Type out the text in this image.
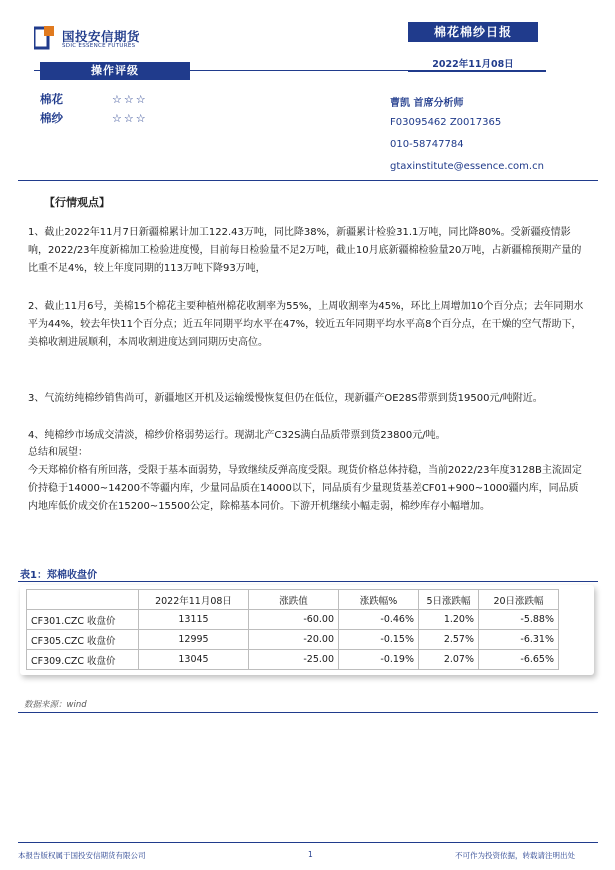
国投安信期货
SDIC ESSENCE FUTURES
棉花棉纱日报
2022年11月08日
操作评级
棉花	☆☆☆
棉纱	☆☆☆
曹凯 首席分析师
F03095462 Z0017365
010-58747784
gtaxinstitute@essence.com.cn
【行情观点】
1、截止2022年11月7日新疆棉累计加工122.43万吨，同比降38%，新疆累计检验31.1万吨，同比降80%。受新疆疫情影响，2022/23年度新棉加工检验进度慢，目前每日检验量不足2万吨，截止10月底新疆棉检验量20万吨，占新疆棉预期产量的比重不足4%，较上年度同期的113万吨下降93万吨，
2、截止11月6号，美棉15个棉花主要种植州棉花收割率为55%，上周收割率为45%，环比上周增加10个百分点；去年同期水平为44%，较去年快11个百分点；近五年同期平均水平在47%，较近五年同期平均水平高8个百分点，在干燥的空气帮助下，美棉收割进展顺利，本周收割进度达到同期历史高位。
3、气流纺纯棉纱销售尚可，新疆地区开机及运输缓慢恢复但仍在低位，现新疆产OE28S带票到货19500元/吨附近。
4、纯棉纱市场成交清淡，棉纱价格弱势运行。现湖北产C32S满白品质带票到货23800元/吨。
总结和展望：
今天郑棉价格有所回落，受限于基本面弱势，导致继续反弹高度受限。现货价格总体持稳，当前2022/23年度3128B主流固定价持稳于14000~14200不等疆内库，少量同品质在14000以下，同品质有少量现货基差CF01+900~1000疆内库，同品质内地库低价成交价在15200~15500公定，除棉基本同价。下游开机继续小幅走弱，棉纱库存小幅增加。
表1：郑棉收盘价
	2022年11月08日	涨跌值	涨跌幅%	5日涨跌幅	20日涨跌幅
CF301.CZC 收盘价	13115	-60.00	-0.46%	1.20%	-5.88%
CF305.CZC 收盘价	12995	-20.00	-0.15%	2.57%	-6.31%
CF309.CZC 收盘价	13045	-25.00	-0.19%	2.07%	-6.65%
数据来源：wind
本报告版权属于国投安信期货有限公司	1	不可作为投资依据，转载请注明出处
